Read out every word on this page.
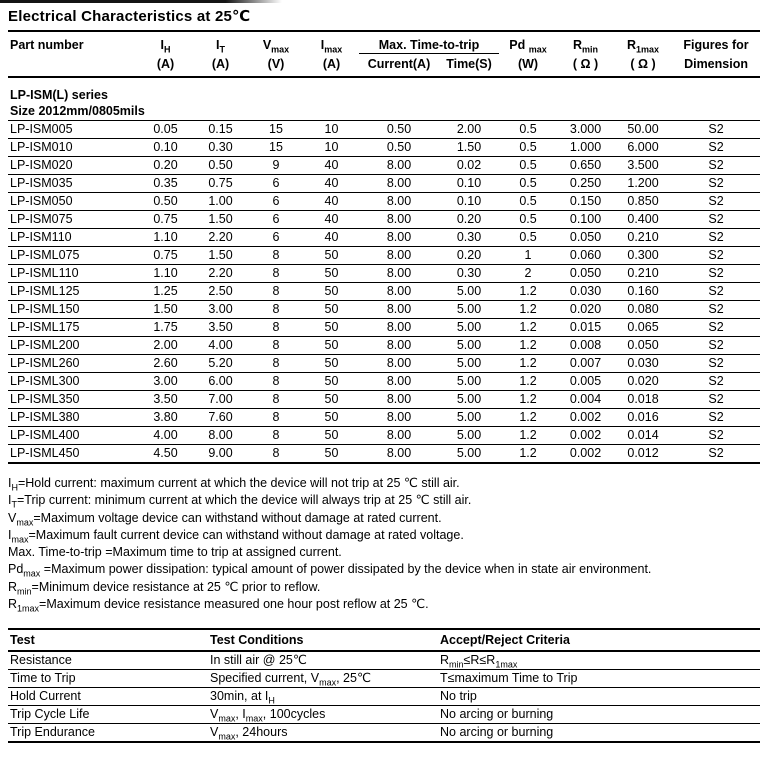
Electrical Characteristics at 25℃
Part number	$I_H$	$I_T$	$V_{max}$	$I_{max}$	Max. Time-to-trip		Pd $_{max}$	$R_{min}$	$R_{1max}$	Figures for
	(A)	(A)	(V)	(A)	Current(A)	Time(S)	(W)	( Ω )	( Ω )	Dimension
LP-ISM(L) series										
Size 2012mm/0805mils										
LP-ISM005	0.05	0.15	15	10	0.50	2.00	0.5	3.000	50.00	S2
LP-ISM010	0.10	0.30	15	10	0.50	1.50	0.5	1.000	6.000	S2
LP-ISM020	0.20	0.50	9	40	8.00	0.02	0.5	0.650	3.500	S2
LP-ISM035	0.35	0.75	6	40	8.00	0.10	0.5	0.250	1.200	S2
LP-ISM050	0.50	1.00	6	40	8.00	0.10	0.5	0.150	0.850	S2
LP-ISM075	0.75	1.50	6	40	8.00	0.20	0.5	0.100	0.400	S2
LP-ISM110	1.10	2.20	6	40	8.00	0.30	0.5	0.050	0.210	S2
LP-ISML075	0.75	1.50	8	50	8.00	0.20	1	0.060	0.300	S2
LP-ISML110	1.10	2.20	8	50	8.00	0.30	2	0.050	0.210	S2
LP-ISML125	1.25	2.50	8	50	8.00	5.00	1.2	0.030	0.160	S2
LP-ISML150	1.50	3.00	8	50	8.00	5.00	1.2	0.020	0.080	S2
LP-ISML175	1.75	3.50	8	50	8.00	5.00	1.2	0.015	0.065	S2
LP-ISML200	2.00	4.00	8	50	8.00	5.00	1.2	0.008	0.050	S2
LP-ISML260	2.60	5.20	8	50	8.00	5.00	1.2	0.007	0.030	S2
LP-ISML300	3.00	6.00	8	50	8.00	5.00	1.2	0.005	0.020	S2
LP-ISML350	3.50	7.00	8	50	8.00	5.00	1.2	0.004	0.018	S2
LP-ISML380	3.80	7.60	8	50	8.00	5.00	1.2	0.002	0.016	S2
LP-ISML400	4.00	8.00	8	50	8.00	5.00	1.2	0.002	0.014	S2
LP-ISML450	4.50	9.00	8	50	8.00	5.00	1.2	0.002	0.012	S2
$I_H=Hold$ current: maximum current at which the device will not trip at 25 ℃ still air.
$I_T=Trip$ current: minimum current at which the device will always trip at 25 ℃ still air.
$V_{max}=Maximum$ voltage device can withstand without damage at rated current.
$I_{max}=Maximum$ fault current device can withstand without damage at rated voltage.
Max. Time-to-trip =Maximum time to trip at assigned current.
$Pd_{max}$ =Maximum power dissipation: typical amount of power dissipated by the device when in state air environment.
$R_{min}=Minimum$ device resistance at 25 ℃ prior to reflow.
$R_{1max}=Maximum$ device resistance measured one hour post reflow at 25 ℃.
Test	Test Conditions	Accept/Reject Criteria
Resistance	In still air @ 25℃	$R_{min}\le R\le R_{1max}$
Time to Trip	Specified current, $V_{max}$, 25℃	T≤maximum Time to Trip
Hold Current	30min, at $I_H$	No trip
Trip Cycle Life	$V_{max}$, $I_{max}$, 100cycles	No arcing or burning
Trip Endurance	$V_{max}$, 24hours	No arcing or burning
